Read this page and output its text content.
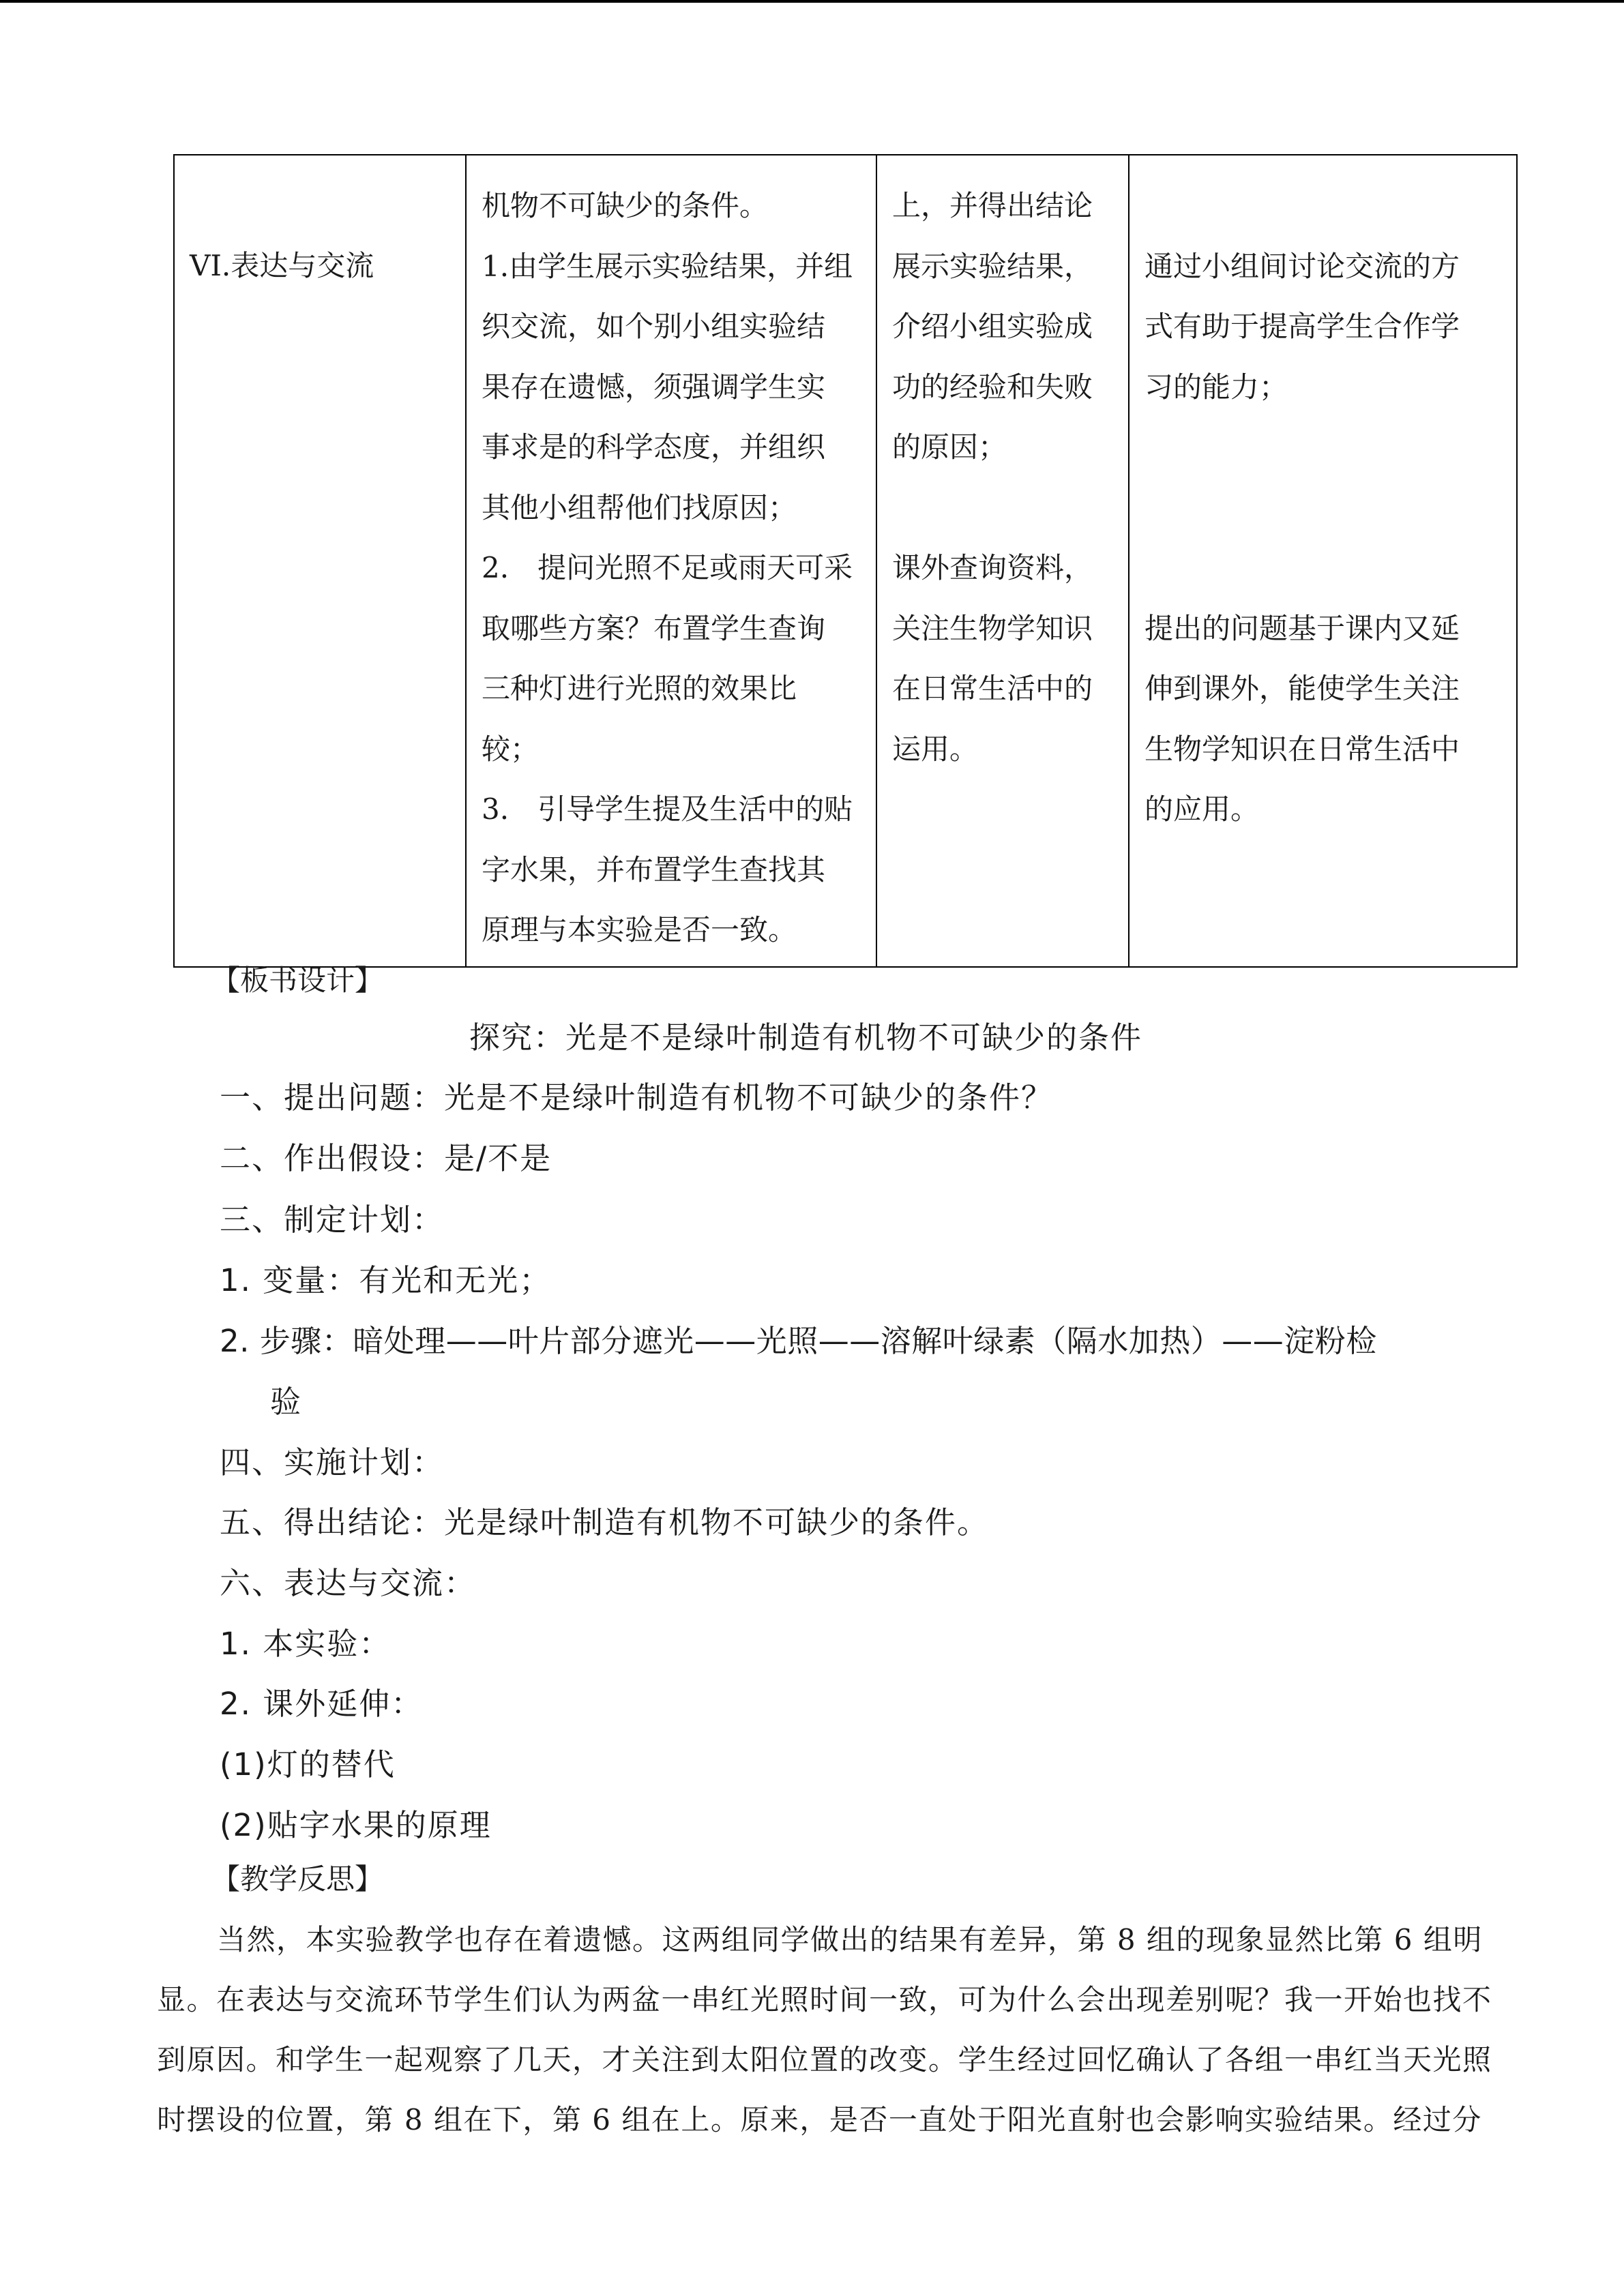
VI.表达与交流

机物不可缺少的条件。
1.由学生展示实验结果，并组
织交流，如个别小组实验结
果存在遗憾，须强调学生实
事求是的科学态度，并组织
其他小组帮他们找原因；
2.　提问光照不足或雨天可采
取哪些方案？布置学生查询
三种灯进行光照的效果比
较；
3.　引导学生提及生活中的贴
字水果，并布置学生查找其
原理与本实验是否一致。

上，并得出结论
展示实验结果，
介绍小组实验成
功的经验和失败
的原因；
课外查询资料，
关注生物学知识
在日常生活中的
运用。

通过小组间讨论交流的方
式有助于提高学生合作学
习的能力；
提出的问题基于课内又延
伸到课外，能使学生关注
生物学知识在日常生活中
的应用。
【板书设计】
探究：光是不是绿叶制造有机物不可缺少的条件
一、提出问题：光是不是绿叶制造有机物不可缺少的条件？
二、作出假设：是/不是
三、制定计划：
1. 变量：有光和无光；
2. 步骤：暗处理——叶片部分遮光——光照——溶解叶绿素（隔水加热）——淀粉检
验
四、实施计划：
五、得出结论：光是绿叶制造有机物不可缺少的条件。
六、表达与交流：
1. 本实验：
2. 课外延伸：
(1)灯的替代
(2)贴字水果的原理
【教学反思】
当然，本实验教学也存在着遗憾。这两组同学做出的结果有差异，第 8 组的现象显然比第 6 组明
显。在表达与交流环节学生们认为两盆一串红光照时间一致，可为什么会出现差别呢？我一开始也找不
到原因。和学生一起观察了几天，才关注到太阳位置的改变。学生经过回忆确认了各组一串红当天光照
时摆设的位置，第 8 组在下，第 6 组在上。原来，是否一直处于阳光直射也会影响实验结果。经过分
